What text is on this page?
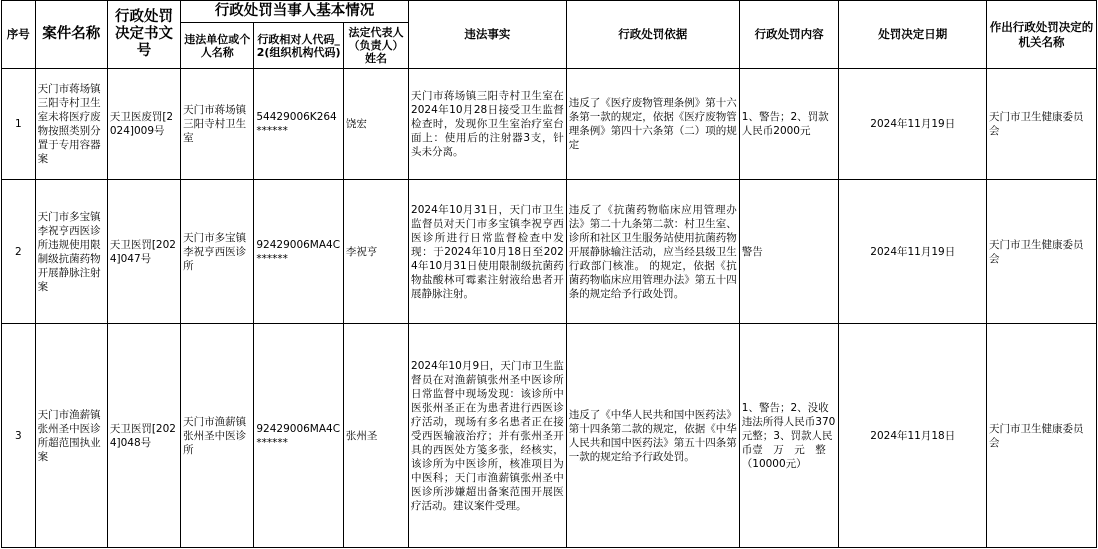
序号	案件名称	行政处罚决定书文号	行政处罚当事人基本情况			违法事实	行政处罚依据	行政处罚内容	处罚决定日期	作出行政处罚决定的机关名称
			违法单位或个人名称	行政相对人代码_2(组织机构代码)	法定代表人（负责人）姓名					
1	天门市蒋场镇三阳寺村卫生室未将医疗废物按照类别分置于专用容器案	天卫医废罚[2024]009号	天门市蒋场镇三阳寺村卫生室	54429006K264******	饶宏	天门市蒋场镇三阳寺村卫生室在2024年10月28日接受卫生监督检查时，发现你卫生室治疗室台面上：使用后的注射器3支，针头未分离。	违反了《医疗废物管理条例》第十六条第一款的规定，依据《医疗废物管理条例》第四十六条第（二）项的规定	1、警告；2、罚款人民币2000元	2024年11月19日	天门市卫生健康委员会
2	天门市多宝镇李祝亨西医诊所违规使用限制级抗菌药物开展静脉注射案	天卫医罚[2024]047号	天门市多宝镇李祝亨西医诊所	92429006MA4C******	李祝亨	2024年10月31日，天门市卫生监督员对天门市多宝镇李祝亨西医诊所进行日常监督检查中发现：于2024年10月18日至2024年10月31日使用限制级抗菌药物盐酸林可霉素注射液给患者开展静脉注射。	违反了《抗菌药物临床应用管理办法》第二十九条第二款：村卫生室、诊所和社区卫生服务站使用抗菌药物开展静脉输注活动，应当经县级卫生行政部门核准。 的规定，依据《抗菌药物临床应用管理办法》第五十四条的规定给予行政处罚。	警告	2024年11月19日	天门市卫生健康委员会
3	天门市渔薪镇张州圣中医诊所超范围执业案	天卫医罚[2024]048号	天门市渔薪镇张州圣中医诊所	92429006MA4C******	张州圣	2024年10月9日，天门市卫生监督员在对渔薪镇张州圣中医诊所日常监督中现场发现：该诊所中医张州圣正在为患者进行西医诊疗活动，现场有多名患者正在接受西医输液治疗；并有张州圣开具的西医处方笺多张，经核实，该诊所为中医诊所，核准项目为中医科；天门市渔薪镇张州圣中医诊所涉嫌超出备案范围开展医疗活动。建议案件受理。	违反了《中华人民共和国中医药法》第十四条第二款的规定，依据《中华人民共和国中医药法》第五十四条第一款的规定给予行政处罚。	1、警告；2、没收违法所得人民币370元整；3、罚款人民币壹　万　元　整（10000元）	2024年11月18日	天门市卫生健康委员会
